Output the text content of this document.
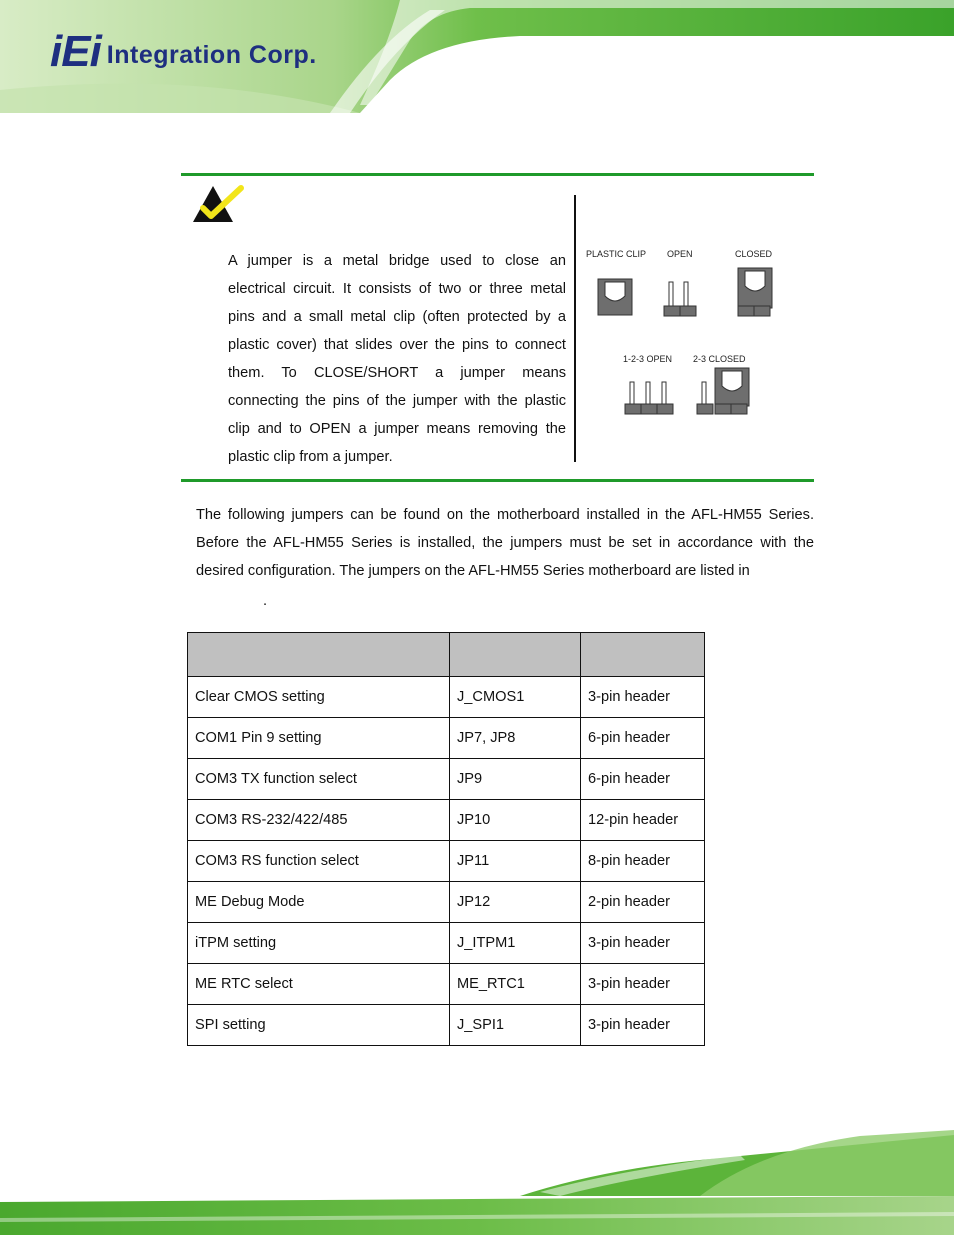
iEi Integration Corp.

A jumper is a metal bridge used to close an electrical circuit. It consists of two or three metal pins and a small metal clip (often protected by a plastic cover) that slides over the pins to connect them. To CLOSE/SHORT a jumper means connecting the pins of the jumper with the plastic clip and to OPEN a jumper means removing the plastic clip from a jumper.

PLASTIC CLIP OPEN	CLOSED
1-2-3 OPEN 2-3 CLOSED

The following jumpers can be found on the motherboard installed in the AFL-HM55 Series. Before the AFL-HM55 Series is installed, the jumpers must be set in accordance with the desired configuration. The jumpers on the AFL-HM55 Series motherboard are listed in

.

Clear CMOS setting	J_CMOS1	3-pin header
COM1 Pin 9 setting	JP7, JP8	6-pin header
COM3 TX function select	JP9	6-pin header
COM3 RS-232/422/485	JP10	12-pin header
COM3 RS function select	JP11	8-pin header
ME Debug Mode	JP12	2-pin header
iTPM setting	J_ITPM1	3-pin header
ME RTC select	ME_RTC1	3-pin header
SPI setting	J_SPI1	3-pin header
